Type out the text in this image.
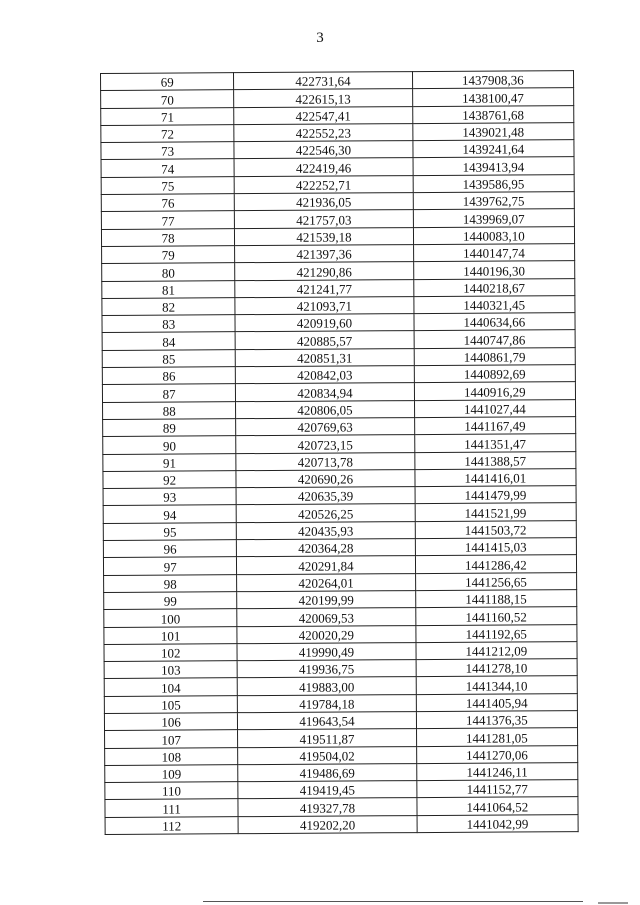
3
69	422731,64	1437908,36
70	422615,13	1438100,47
71	422547,41	1438761,68
72	422552,23	1439021,48
73	422546,30	1439241,64
74	422419,46	1439413,94
75	422252,71	1439586,95
76	421936,05	1439762,75
77	421757,03	1439969,07
78	421539,18	1440083,10
79	421397,36	1440147,74
80	421290,86	1440196,30
81	421241,77	1440218,67
82	421093,71	1440321,45
83	420919,60	1440634,66
84	420885,57	1440747,86
85	420851,31	1440861,79
86	420842,03	1440892,69
87	420834,94	1440916,29
88	420806,05	1441027,44
89	420769,63	1441167,49
90	420723,15	1441351,47
91	420713,78	1441388,57
92	420690,26	1441416,01
93	420635,39	1441479,99
94	420526,25	1441521,99
95	420435,93	1441503,72
96	420364,28	1441415,03
97	420291,84	1441286,42
98	420264,01	1441256,65
99	420199,99	1441188,15
100	420069,53	1441160,52
101	420020,29	1441192,65
102	419990,49	1441212,09
103	419936,75	1441278,10
104	419883,00	1441344,10
105	419784,18	1441405,94
106	419643,54	1441376,35
107	419511,87	1441281,05
108	419504,02	1441270,06
109	419486,69	1441246,11
110	419419,45	1441152,77
111	419327,78	1441064,52
112	419202,20	1441042,99
